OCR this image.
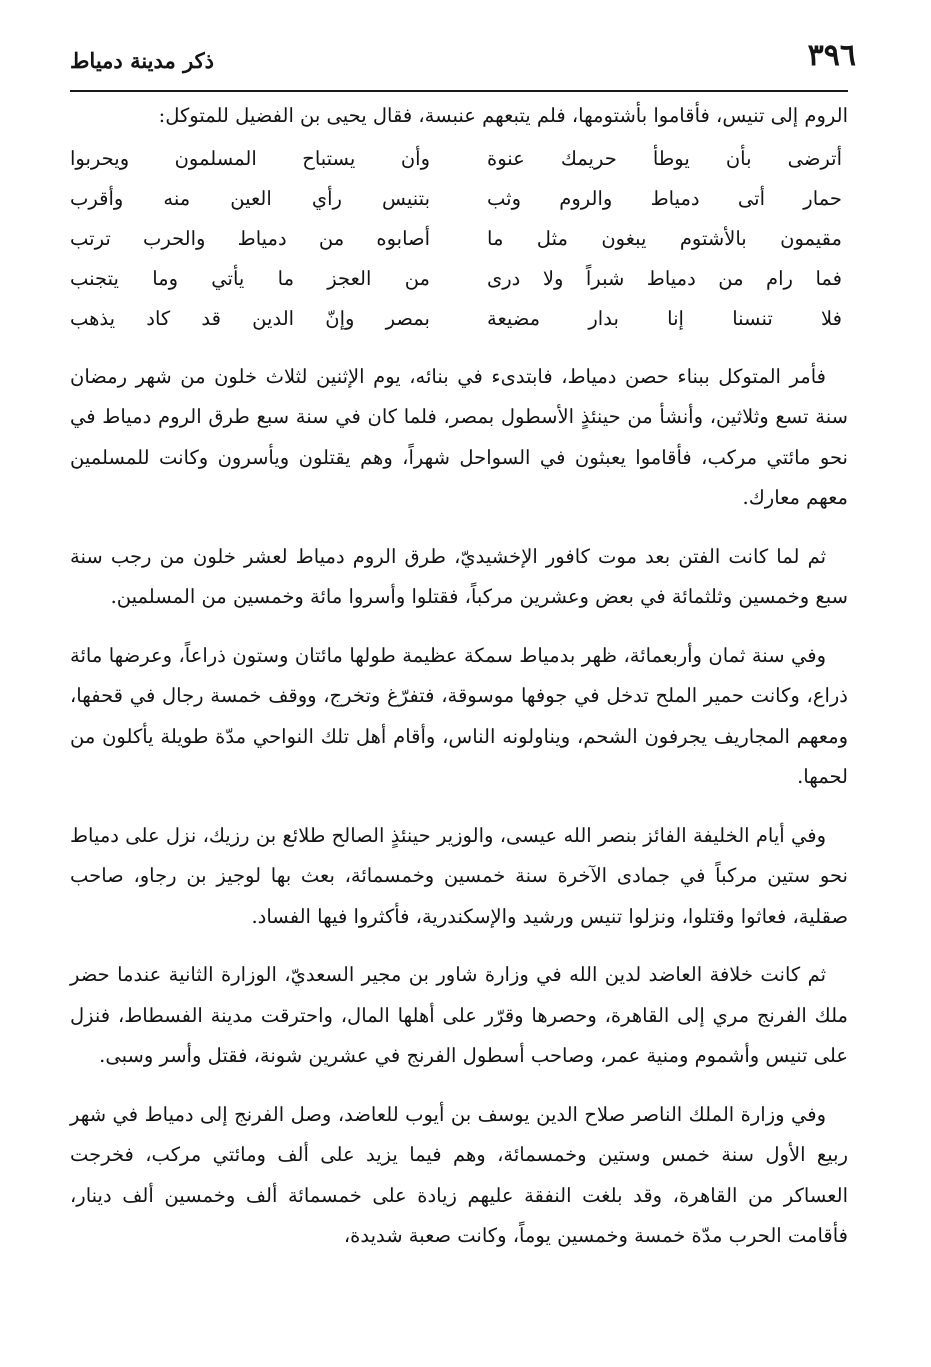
٣٩٦
ذكر مدينة دمياط

الروم إلى تنيس، فأقاموا بأشتومها، فلم يتبعهم عنبسة، فقال يحيى بن الفضيل للمتوكل:

أترضى بأن يوطأ حريمك عنوة
وأن يستباح المسلمون ويحربوا
حمار أتى دمياط والروم وثب
بتنيس رأي العين منه وأقرب
مقيمون بالأشتوم يبغون مثل ما
أصابوه من دمياط والحرب ترتب
فما رام من دمياط شبراً ولا درى
من العجز ما يأتي وما يتجنب
فلا تنسنا إنا بدار مضيعة
بمصر وإنّ الدين قد كاد يذهب

فأمر المتوكل ببناء حصن دمياط، فابتدىء في بنائه، يوم الإثنين لثلاث خلون من شهر رمضان سنة تسع وثلاثين، وأنشأ من حينئذٍ الأسطول بمصر، فلما كان في سنة سبع طرق الروم دمياط في نحو مائتي مركب، فأقاموا يعبثون في السواحل شهراً، وهم يقتلون ويأسرون وكانت للمسلمين معهم معارك.

ثم لما كانت الفتن بعد موت كافور الإخشيديّ، طرق الروم دمياط لعشر خلون من رجب سنة سبع وخمسين وثلثمائة في بعض وعشرين مركباً، فقتلوا وأسروا مائة وخمسين من المسلمين.

وفي سنة ثمان وأربعمائة، ظهر بدمياط سمكة عظيمة طولها مائتان وستون ذراعاً، وعرضها مائة ذراع، وكانت حمير الملح تدخل في جوفها موسوقة، فتفرّغ وتخرج، ووقف خمسة رجال في قحفها، ومعهم المجاريف يجرفون الشحم، ويناولونه الناس، وأقام أهل تلك النواحي مدّة طويلة يأكلون من لحمها.

وفي أيام الخليفة الفائز بنصر الله عيسى، والوزير حينئذٍ الصالح طلائع بن رزيك، نزل على دمياط نحو ستين مركباً في جمادى الآخرة سنة خمسين وخمسمائة، بعث بها لوجيز بن رجاو، صاحب صقلية، فعاثوا وقتلوا، ونزلوا تنيس ورشيد والإسكندرية، فأكثروا فيها الفساد.

ثم كانت خلافة العاضد لدين الله في وزارة شاور بن مجير السعديّ، الوزارة الثانية عندما حضر ملك الفرنج مري إلى القاهرة، وحصرها وقرّر على أهلها المال، واحترقت مدينة الفسطاط، فنزل على تنيس وأشموم ومنية عمر، وصاحب أسطول الفرنج في عشرين شونة، فقتل وأسر وسبى.

وفي وزارة الملك الناصر صلاح الدين يوسف بن أيوب للعاضد، وصل الفرنج إلى دمياط في شهر ربيع الأول سنة خمس وستين وخمسمائة، وهم فيما يزيد على ألف ومائتي مركب، فخرجت العساكر من القاهرة، وقد بلغت النفقة عليهم زيادة على خمسمائة ألف وخمسين ألف دينار، فأقامت الحرب مدّة خمسة وخمسين يوماً، وكانت صعبة شديدة،
